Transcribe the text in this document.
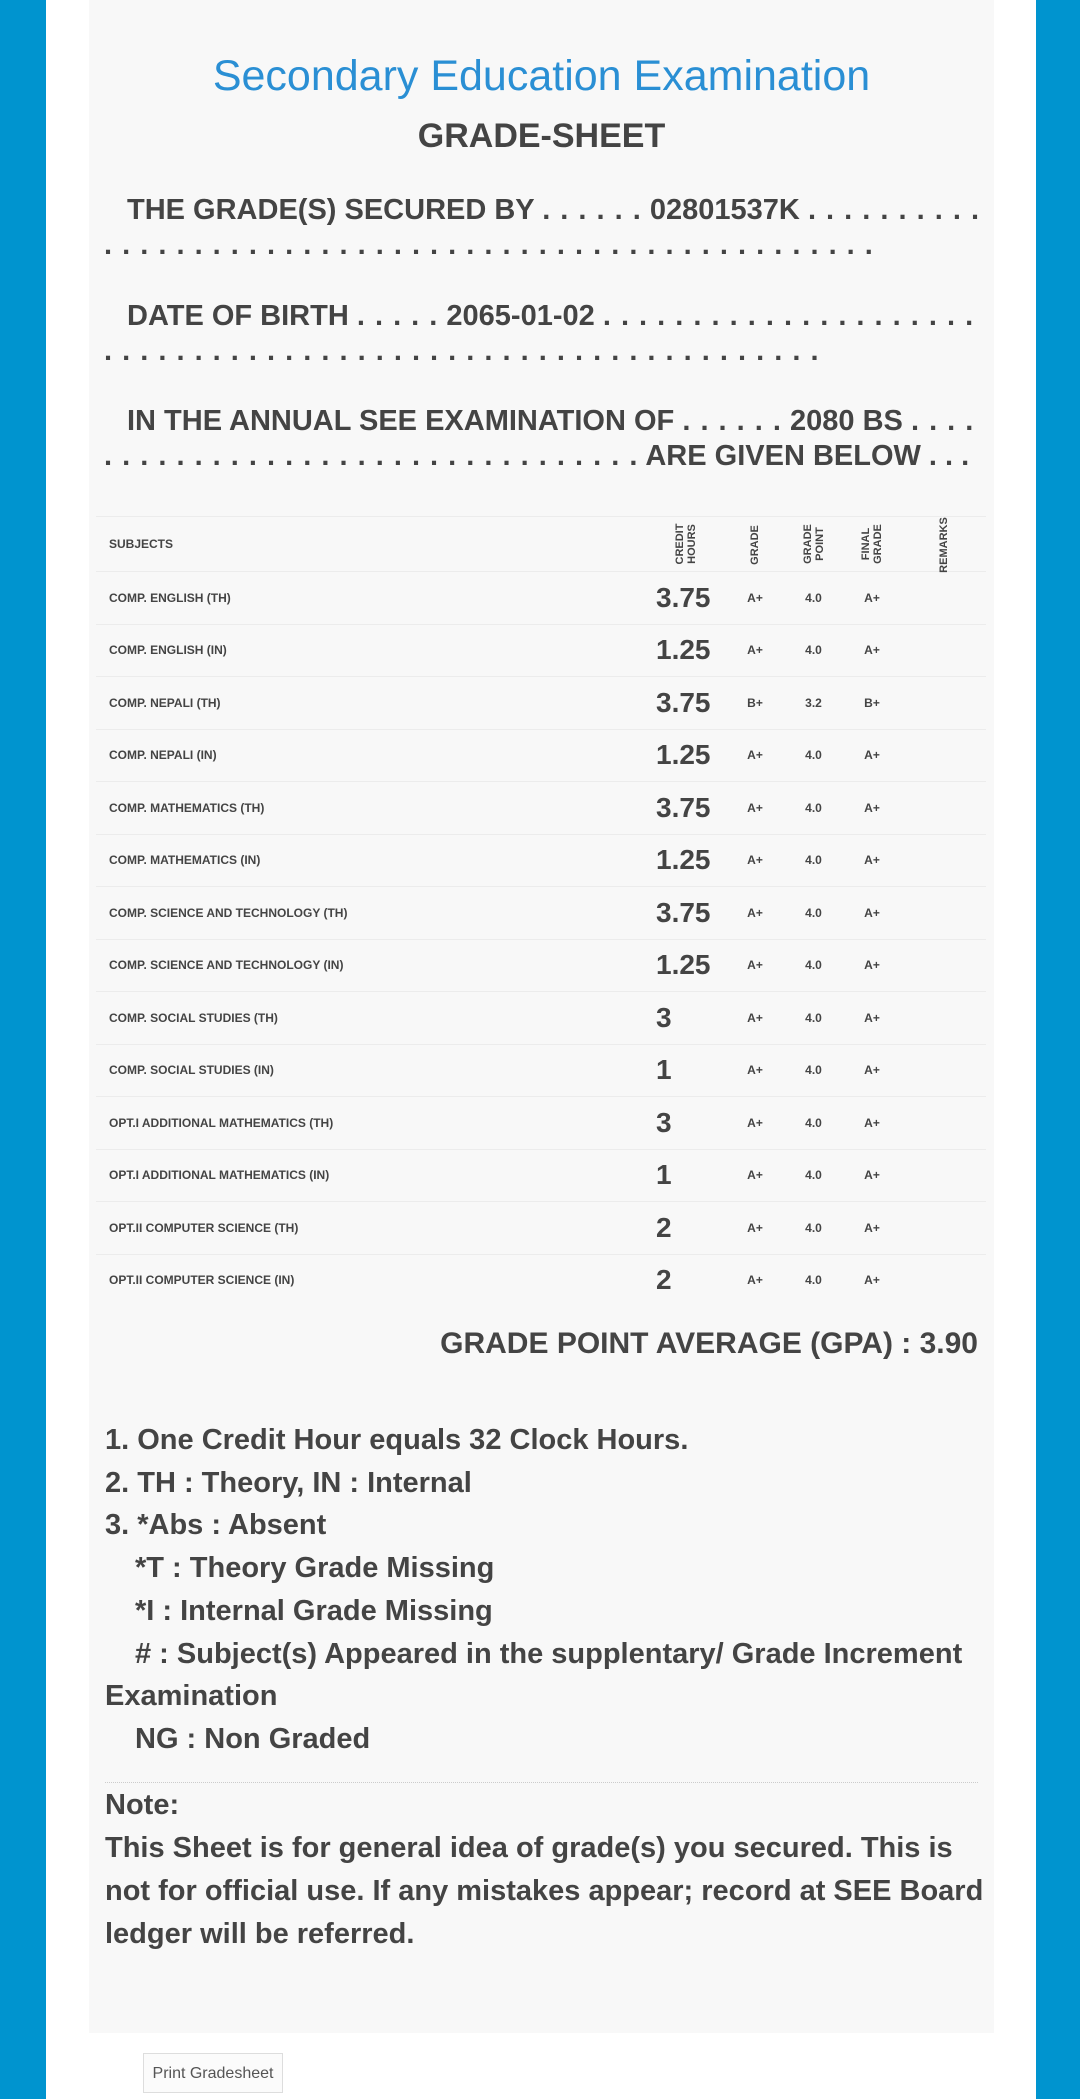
Secondary Education Examination
GRADE-SHEET
THE GRADE(S) SECURED BY . . . . . . 02801537K . . . . . . . . . . . . . . . . . . . . . . . . . . . . . . . . . . . . . . . . . . . . . . . . . . . . .
DATE OF BIRTH . . . . . 2065-01-02 . . . . . . . . . . . . . . . . . . . . . . . . . . . . . . . . . . . . . . . . . . . . . . . . . . . . . . . . . . . . .
IN THE ANNUAL SEE EXAMINATION OF . . . . . . 2080 BS . . . . . . . . . . . . . . . . . . . . . . . . . . . . . . . . . . ARE GIVEN BELOW . . .
SUBJECTS	CREDIT HOURS	GRADE	GRADE POINT	FINAL GRADE	REMARKS
COMP. ENGLISH (TH)	3.75	A+	4.0	A+	
COMP. ENGLISH (IN)	1.25	A+	4.0	A+	
COMP. NEPALI (TH)	3.75	B+	3.2	B+	
COMP. NEPALI (IN)	1.25	A+	4.0	A+	
COMP. MATHEMATICS (TH)	3.75	A+	4.0	A+	
COMP. MATHEMATICS (IN)	1.25	A+	4.0	A+	
COMP. SCIENCE AND TECHNOLOGY (TH)	3.75	A+	4.0	A+	
COMP. SCIENCE AND TECHNOLOGY (IN)	1.25	A+	4.0	A+	
COMP. SOCIAL STUDIES (TH)	3	A+	4.0	A+	
COMP. SOCIAL STUDIES (IN)	1	A+	4.0	A+	
OPT.I ADDITIONAL MATHEMATICS (TH)	3	A+	4.0	A+	
OPT.I ADDITIONAL MATHEMATICS (IN)	1	A+	4.0	A+	
OPT.II COMPUTER SCIENCE (TH)	2	A+	4.0	A+	
OPT.II COMPUTER SCIENCE (IN)	2	A+	4.0	A+	
GRADE POINT AVERAGE (GPA) : 3.90
1. One Credit Hour equals 32 Clock Hours.
2. TH : Theory, IN : Internal
3. *Abs : Absent
*T : Theory Grade Missing
*I : Internal Grade Missing
# : Subject(s) Appeared in the supplentary/ Grade Increment Examination
NG : Non Graded
Note:
This Sheet is for general idea of grade(s) you secured. This is not for official use. If any mistakes appear; record at SEE Board ledger will be referred.
Print Gradesheet
